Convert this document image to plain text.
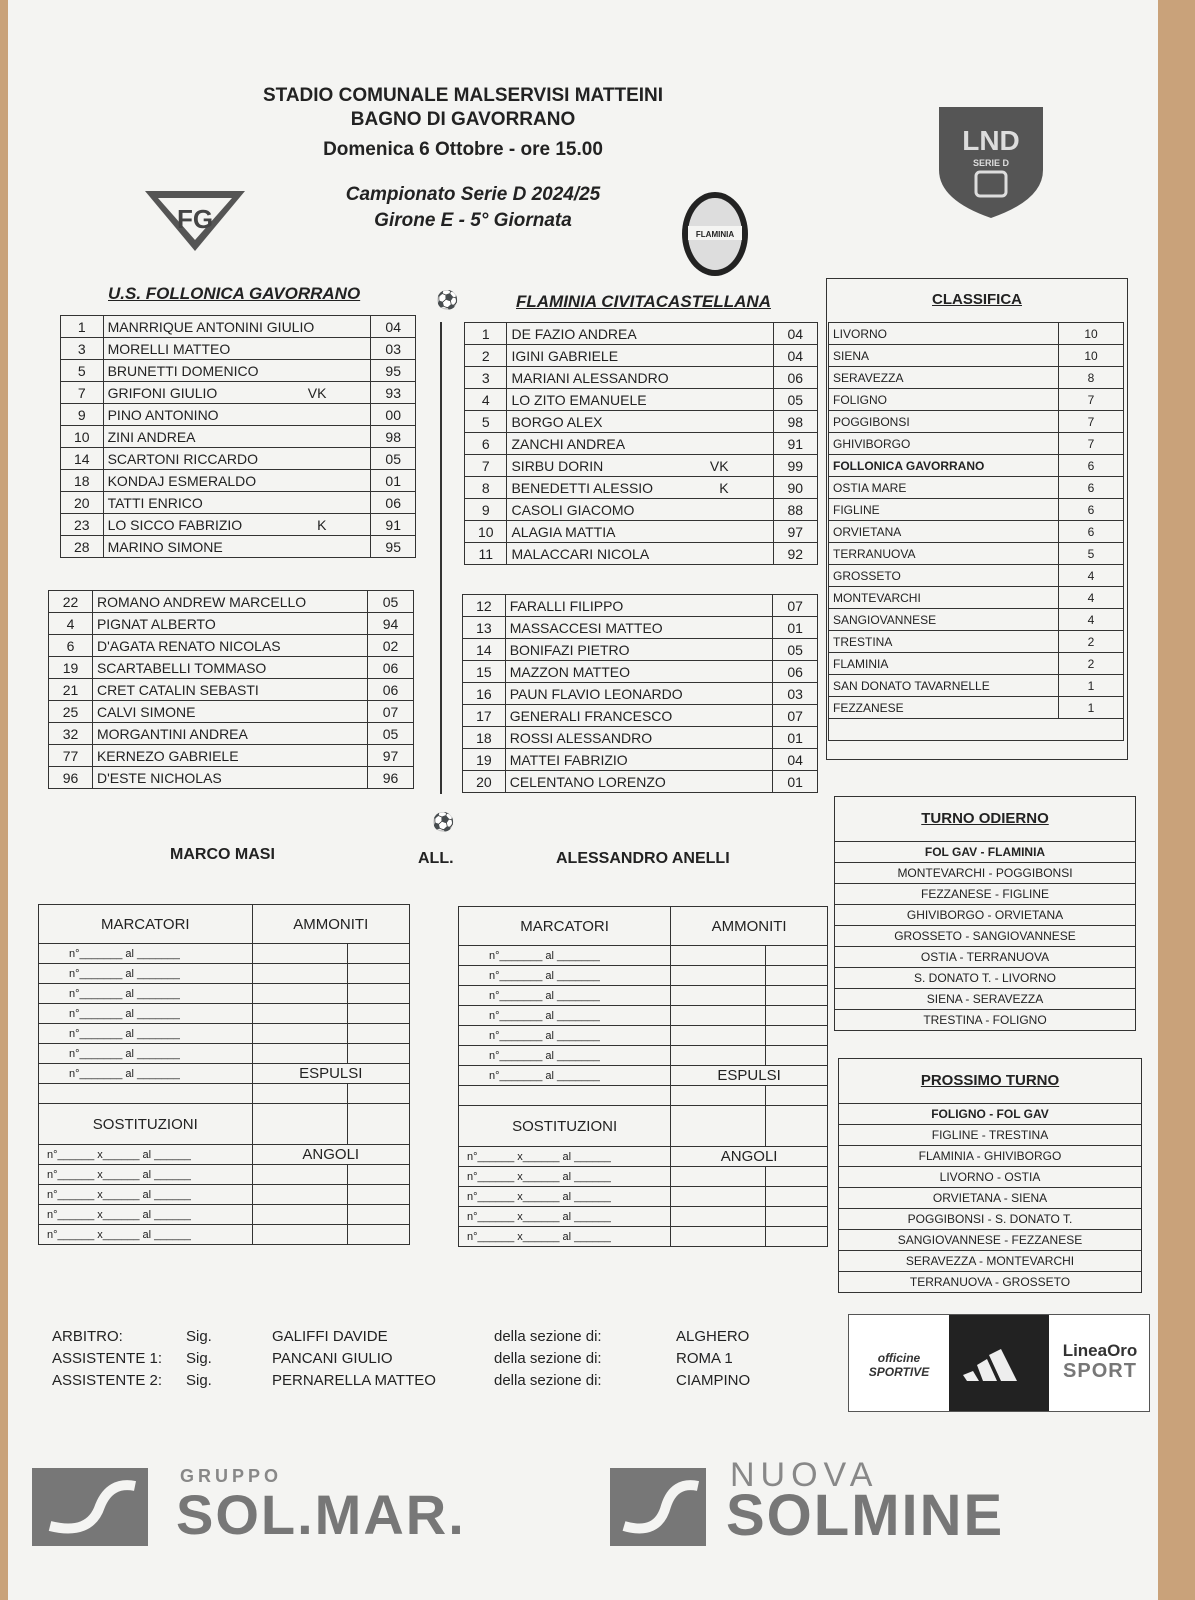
STADIO COMUNALE MALSERVISI MATTEINI
BAGNO DI GAVORRANO
Domenica 6 Ottobre - ore 15.00
Campionato Serie D 2024/25
Girone E - 5° Giornata
FG
FLAMINIA
LND
SERIE D
U.S. FOLLONICA GAVORRANO	FLAMINIA CIVITACASTELLANA
⚽
⚽
1	MANRRIQUE ANTONINI GIULIO	04
3	MORELLI MATTEO	03
5	BRUNETTI DOMENICO	95
7	GRIFONI GIULIO VK	93
9	PINO ANTONINO	00
10	ZINI ANDREA	98
14	SCARTONI RICCARDO	05
18	KONDAJ ESMERALDO	01
20	TATTI ENRICO	06
23	LO SICCO FABRIZIO K	91
28	MARINO SIMONE	95
22	ROMANO ANDREW MARCELLO	05
4	PIGNAT ALBERTO	94
6	D'AGATA RENATO NICOLAS	02
19	SCARTABELLI TOMMASO	06
21	CRET CATALIN SEBASTI	06
25	CALVI SIMONE	07
32	MORGANTINI ANDREA	05
77	KERNEZO GABRIELE	97
96	D'ESTE NICHOLAS	96
1	DE FAZIO ANDREA	04
2	IGINI GABRIELE	04
3	MARIANI ALESSANDRO	06
4	LO ZITO EMANUELE	05
5	BORGO ALEX	98
6	ZANCHI ANDREA	91
7	SIRBU DORIN VK	99
8	BENEDETTI ALESSIO K	90
9	CASOLI GIACOMO	88
10	ALAGIA MATTIA	97
11	MALACCARI NICOLA	92
12	FARALLI FILIPPO	07
13	MASSACCESI MATTEO	01
14	BONIFAZI PIETRO	05
15	MAZZON MATTEO	06
16	PAUN FLAVIO LEONARDO	03
17	GENERALI FRANCESCO	07
18	ROSSI ALESSANDRO	01
19	MATTEI FABRIZIO	04
20	CELENTANO LORENZO	01
CLASSIFICA
LIVORNO	10
SIENA	10
SERAVEZZA	8
FOLIGNO	7
POGGIBONSI	7
GHIVIBORGO	7
FOLLONICA GAVORRANO	6
OSTIA MARE	6
FIGLINE	6
ORVIETANA	6
TERRANUOVA	5
GROSSETO	4
MONTEVARCHI	4
SANGIOVANNESE	4
TRESTINA	2
FLAMINIA	2
SAN DONATO TAVARNELLE	1
FEZZANESE	1

MARCO MASI	ALL.	ALESSANDRO ANELLI
TURNO ODIERNO
FOL GAV - FLAMINIA
MONTEVARCHI - POGGIBONSI
FEZZANESE - FIGLINE
GHIVIBORGO - ORVIETANA
GROSSETO - SANGIOVANNESE
OSTIA - TERRANUOVA
S. DONATO T. - LIVORNO
SIENA - SERAVEZZA
TRESTINA - FOLIGNO
PROSSIMO TURNO
FOLIGNO - FOL GAV
FIGLINE - TRESTINA
FLAMINIA - GHIVIBORGO
LIVORNO - OSTIA
ORVIETANA - SIENA
POGGIBONSI - S. DONATO T.
SANGIOVANNESE - FEZZANESE
SERAVEZZA - MONTEVARCHI
TERRANUOVA - GROSSETO
MARCATORI	AMMONITI	
n°_______ al _______		
n°_______ al _______		
n°_______ al _______		
n°_______ al _______		
n°_______ al _______		
n°_______ al _______		
n°_______ al _______	ESPULSI	

SOSTITUZIONI		
n°______ x______ al ______	ANGOLI	
n°______ x______ al ______		
n°______ x______ al ______		
n°______ x______ al ______		
n°______ x______ al ______		
MARCATORI	AMMONITI	
n°_______ al _______		
n°_______ al _______		
n°_______ al _______		
n°_______ al _______		
n°_______ al _______		
n°_______ al _______		
n°_______ al _______	ESPULSI	

SOSTITUZIONI		
n°______ x______ al ______	ANGOLI	
n°______ x______ al ______		
n°______ x______ al ______		
n°______ x______ al ______		
n°______ x______ al ______		
ARBITRO:	Sig.	GALIFFI DAVIDE	della sezione di:	ALGHERO
ASSISTENTE 1: Sig.	PANCANI GIULIO	della sezione di:	ROMA 1
ASSISTENTE 2: Sig.	PERNARELLA MATTEO	della sezione di:	CIAMPINO
officine SPORTIVE
LineaOro
SPORT
GRUPPO
SOL.MAR.
NUOVA
SOLMINE
